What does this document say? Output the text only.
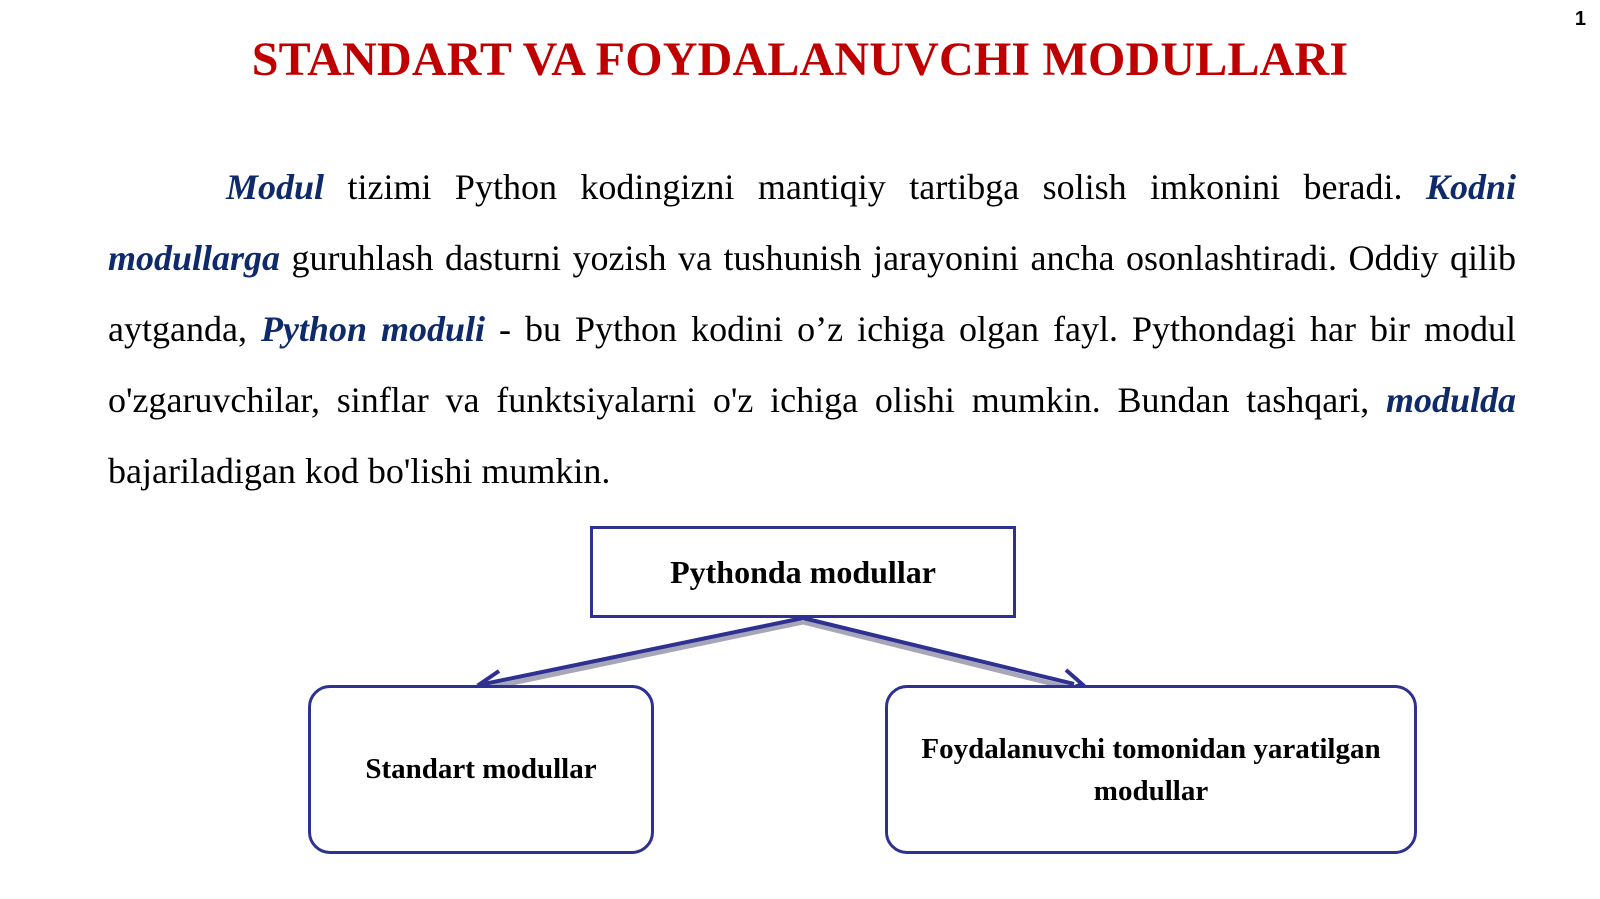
1
STANDART VA FOYDALANUVCHI MODULLARI

Modul tizimi Python kodingizni mantiqiy tartibga solish imkonini beradi. Kodni modullarga guruhlash dasturni yozish va tushunish jarayonini ancha osonlashtiradi. Oddiy qilib aytganda, Python moduli - bu Python kodini o’z ichiga olgan fayl. Pythondagi har bir modul o'zgaruvchilar, sinflar va funktsiyalarni o'z ichiga olishi mumkin. Bundan tashqari, modulda bajariladigan kod bo'lishi mumkin.

Pythonda modullar
Standart modullar
Foydalanuvchi tomonidan yaratilgan modullar
